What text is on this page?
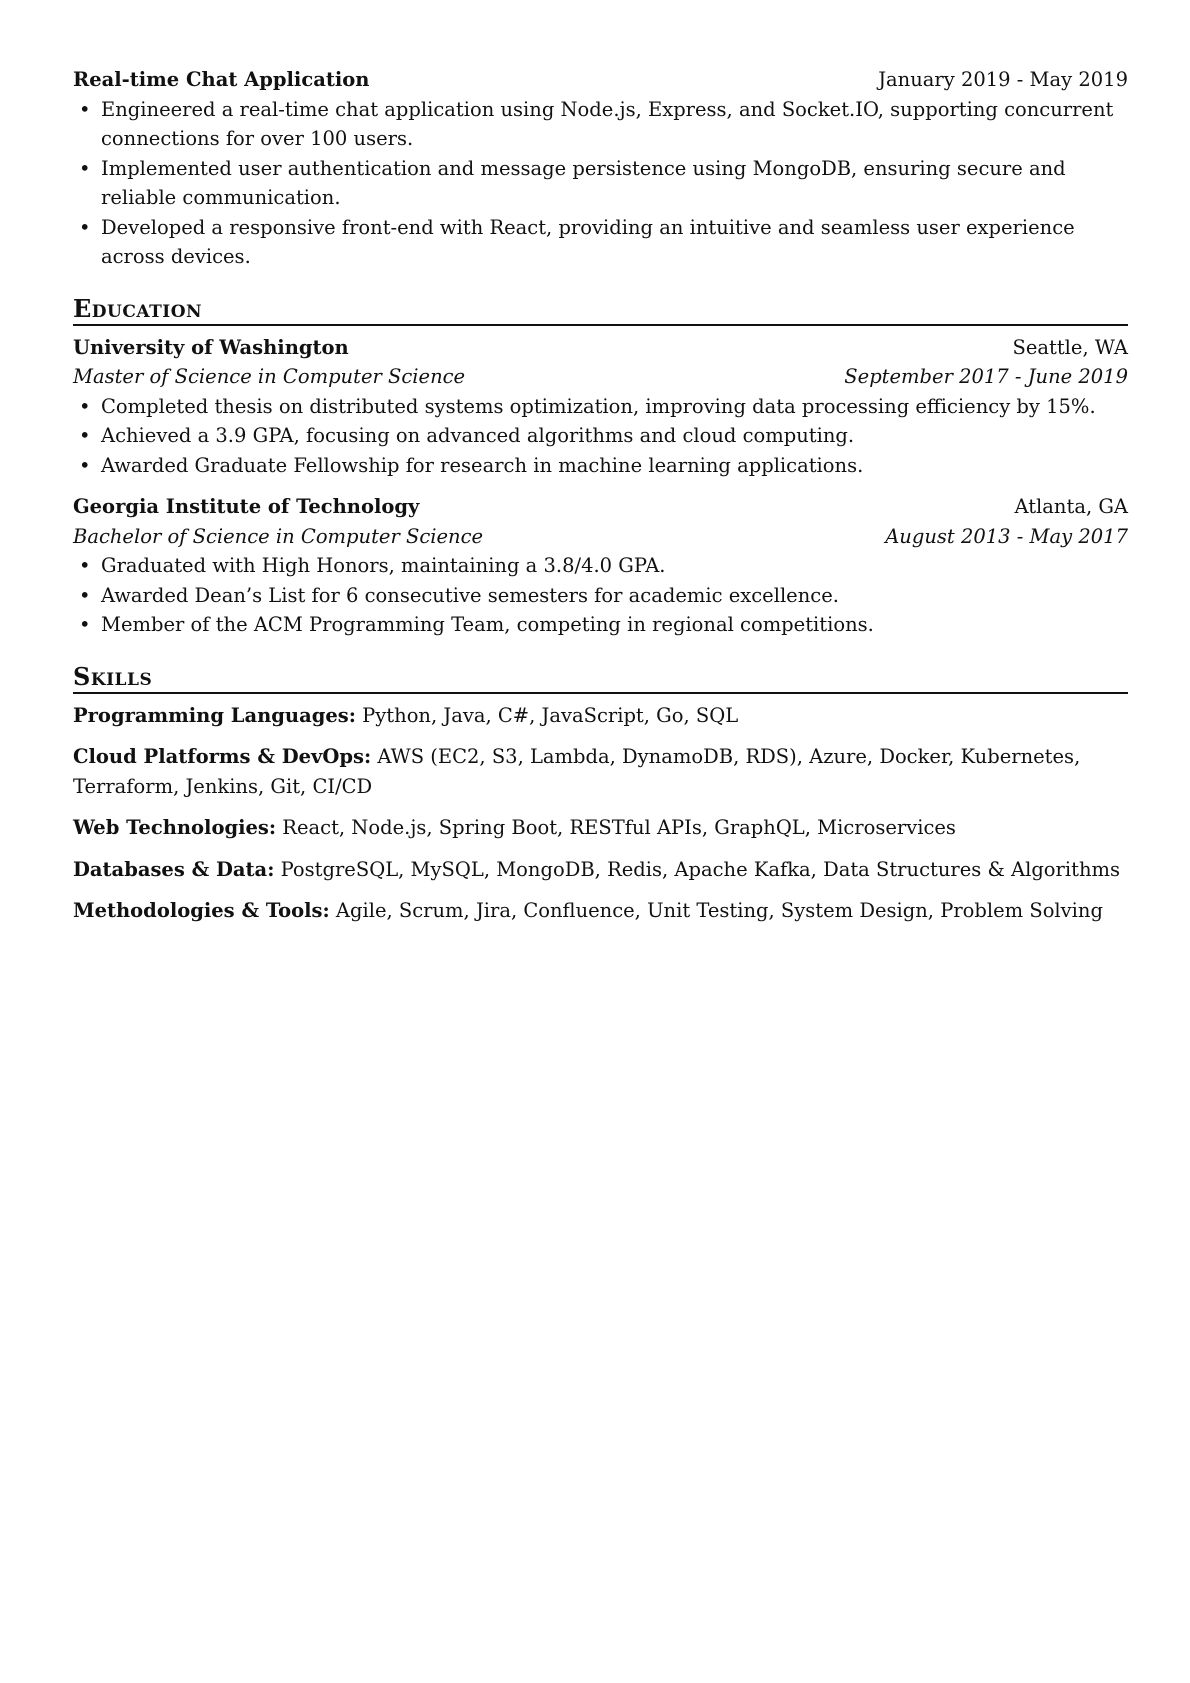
Real-time Chat Application	January 2019 - May 2019
• Engineered a real-time chat application using Node.js, Express, and Socket.IO, supporting concurrent connections for over 100 users.
• Implemented user authentication and message persistence using MongoDB, ensuring secure and reliable communication.
• Developed a responsive front-end with React, providing an intuitive and seamless user experience across devices.
Education
University of Washington	Seattle, WA
Master of Science in Computer Science	September 2017 - June 2019
• Completed thesis on distributed systems optimization, improving data processing efficiency by 15%.
• Achieved a 3.9 GPA, focusing on advanced algorithms and cloud computing.
• Awarded Graduate Fellowship for research in machine learning applications.
Georgia Institute of Technology	Atlanta, GA
Bachelor of Science in Computer Science	August 2013 - May 2017
• Graduated with High Honors, maintaining a 3.8/4.0 GPA.
• Awarded Dean’s List for 6 consecutive semesters for academic excellence.
• Member of the ACM Programming Team, competing in regional competitions.
Skills
Programming Languages: Python, Java, C#, JavaScript, Go, SQL
Cloud Platforms & DevOps: AWS (EC2, S3, Lambda, DynamoDB, RDS), Azure, Docker, Kubernetes, Terraform, Jenkins, Git, CI/CD
Web Technologies: React, Node.js, Spring Boot, RESTful APIs, GraphQL, Microservices
Databases & Data: PostgreSQL, MySQL, MongoDB, Redis, Apache Kafka, Data Structures & Algorithms
Methodologies & Tools: Agile, Scrum, Jira, Confluence, Unit Testing, System Design, Problem Solving
